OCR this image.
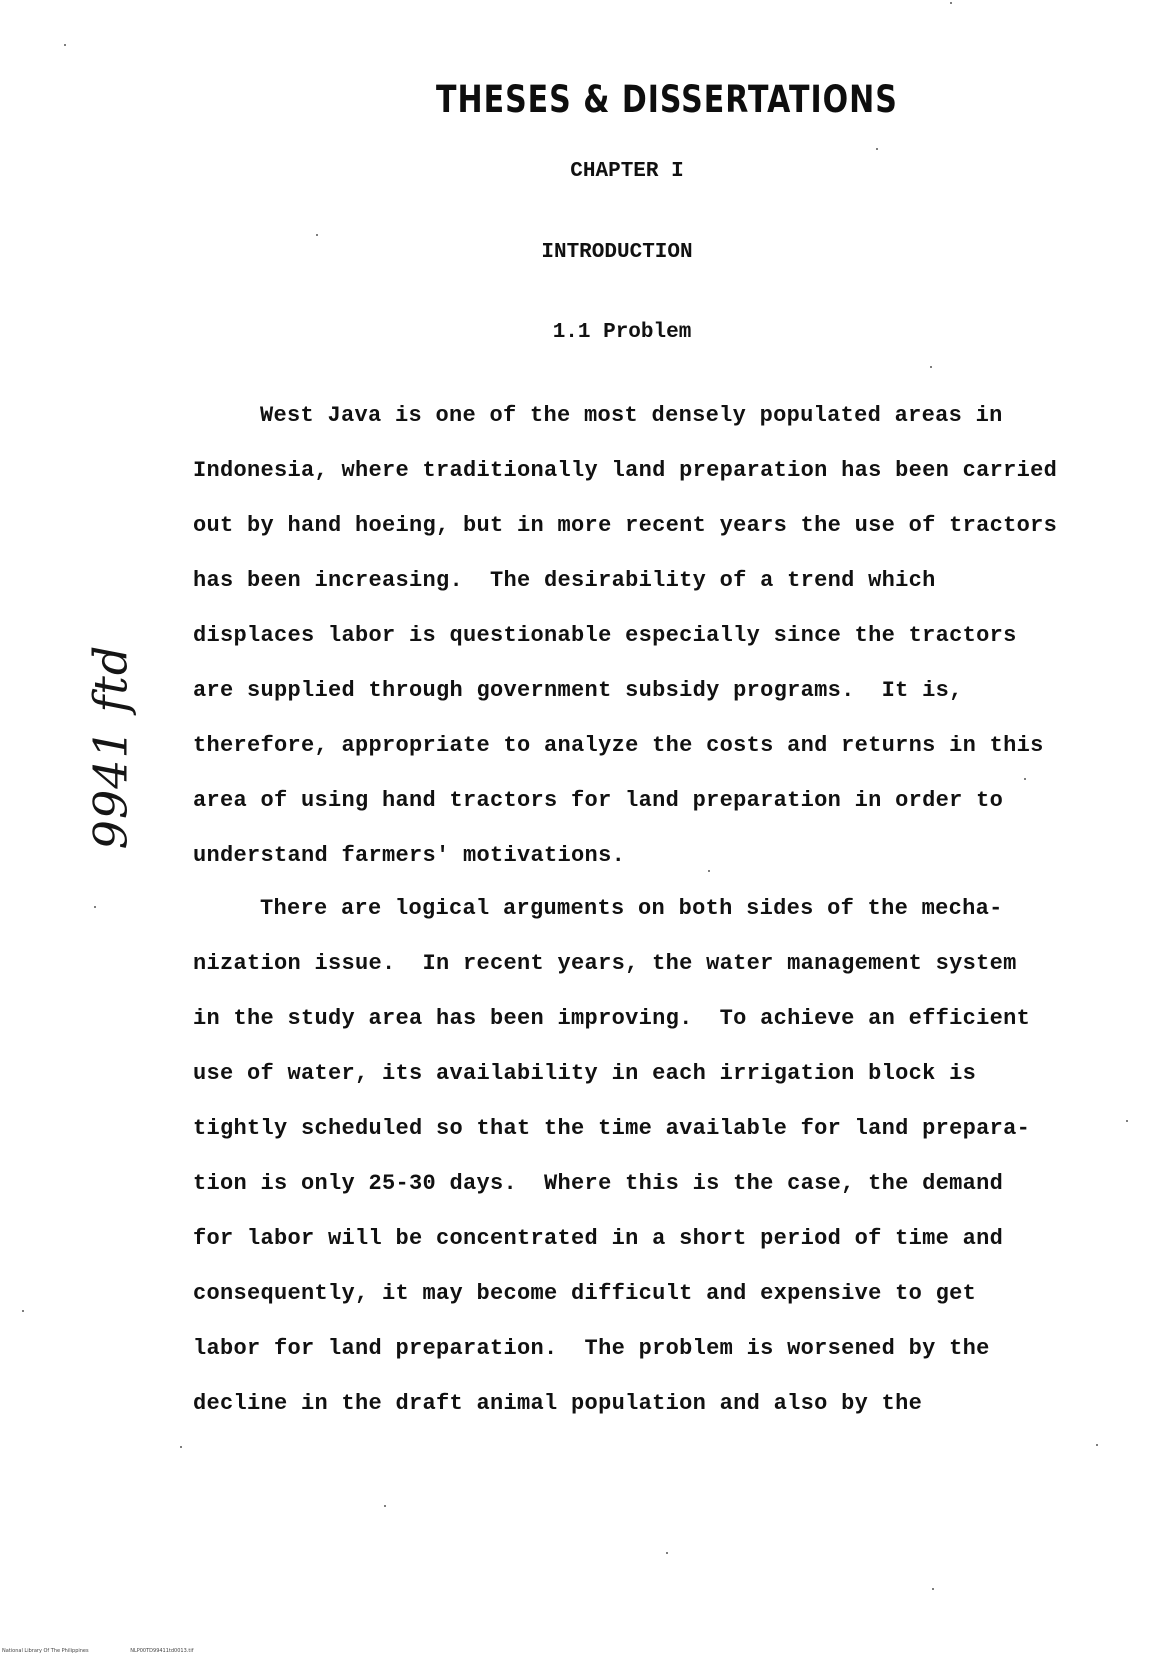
THESES & DISSERTATIONS
CHAPTER I
INTRODUCTION
1.1 Problem
West Java is one of the most densely populated areas in
Indonesia, where traditionally land preparation has been carried
out by hand hoeing, but in more recent years the use of tractors
has been increasing.  The desirability of a trend which
displaces labor is questionable especially since the tractors
are supplied through government subsidy programs.  It is,
therefore, appropriate to analyze the costs and returns in this
area of using hand tractors for land preparation in order to
understand farmers' motivations.
There are logical arguments on both sides of the mecha-
nization issue.  In recent years, the water management system
in the study area has been improving.  To achieve an efficient
use of water, its availability in each irrigation block is
tightly scheduled so that the time available for land prepara-
tion is only 25-30 days.  Where this is the case, the demand
for labor will be concentrated in a short period of time and
consequently, it may become difficult and expensive to get
labor for land preparation.  The problem is worsened by the
decline in the draft animal population and also by the
9941 ftd
National Library Of The Philippines	NLP00TD99411td0013.tif
